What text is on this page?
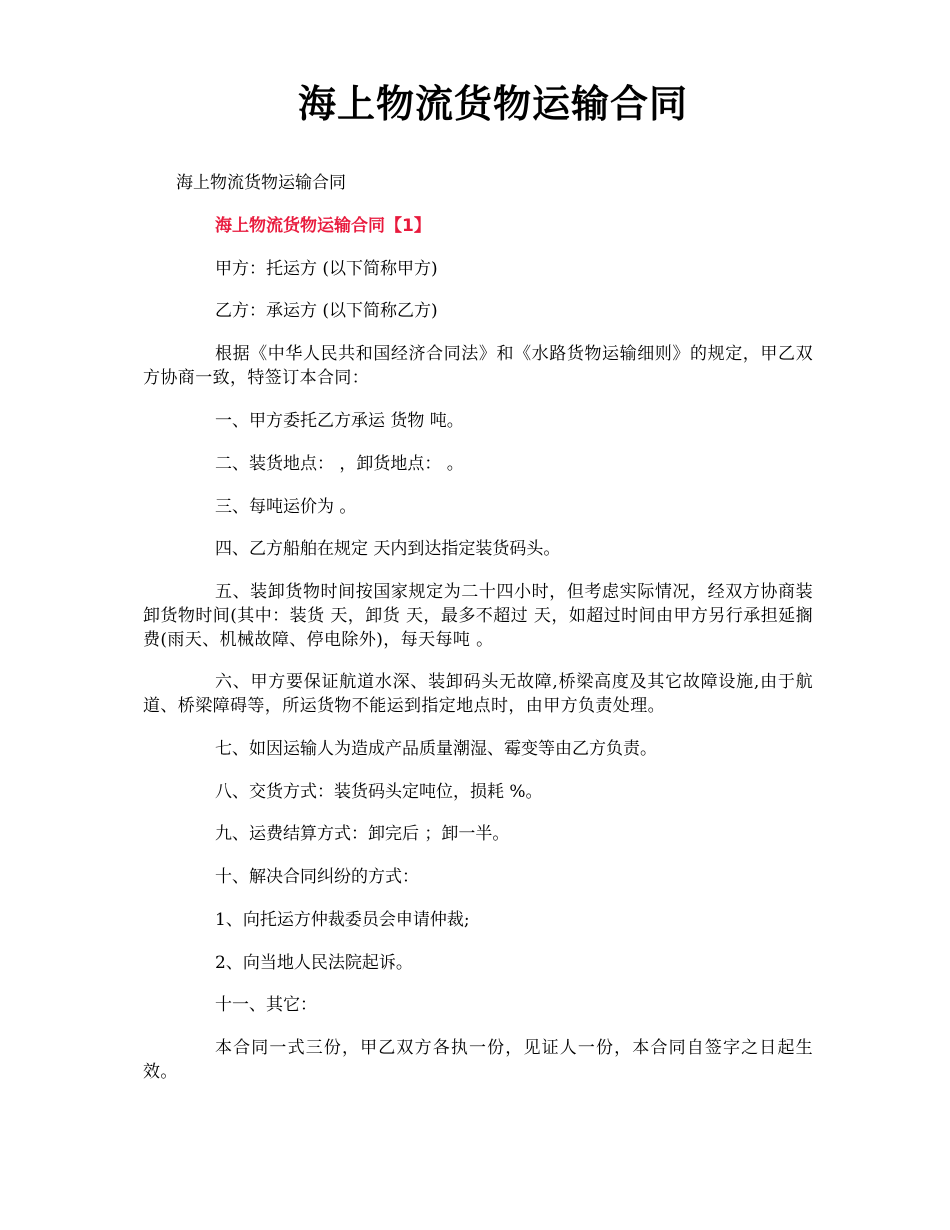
海上物流货物运输合同

海上物流货物运输合同

海上物流货物运输合同【1】

甲方：托运方 (以下简称甲方)

乙方：承运方 (以下简称乙方)

根据《中华人民共和国经济合同法》和《水路货物运输细则》的规定，甲乙双方协商一致，特签订本合同：

一、甲方委托乙方承运 货物 吨。

二、装货地点： ，卸货地点： 。

三、每吨运价为 。

四、乙方船舶在规定 天内到达指定装货码头。

五、装卸货物时间按国家规定为二十四小时，但考虑实际情况，经双方协商装卸货物时间(其中：装货 天，卸货 天，最多不超过 天，如超过时间由甲方另行承担延搁费(雨天、机械故障、停电除外)，每天每吨 。

六、甲方要保证航道水深、装卸码头无故障,桥梁高度及其它故障设施,由于航道、桥梁障碍等，所运货物不能运到指定地点时，由甲方负责处理。

七、如因运输人为造成产品质量潮湿、霉变等由乙方负责。

八、交货方式：装货码头定吨位，损耗 %。

九、运费结算方式：卸完后 ；卸一半。

十、解决合同纠纷的方式：

1、向托运方仲裁委员会申请仲裁;

2、向当地人民法院起诉。

十一、其它：

本合同一式三份，甲乙双方各执一份，见证人一份，本合同自签字之日起生效。
